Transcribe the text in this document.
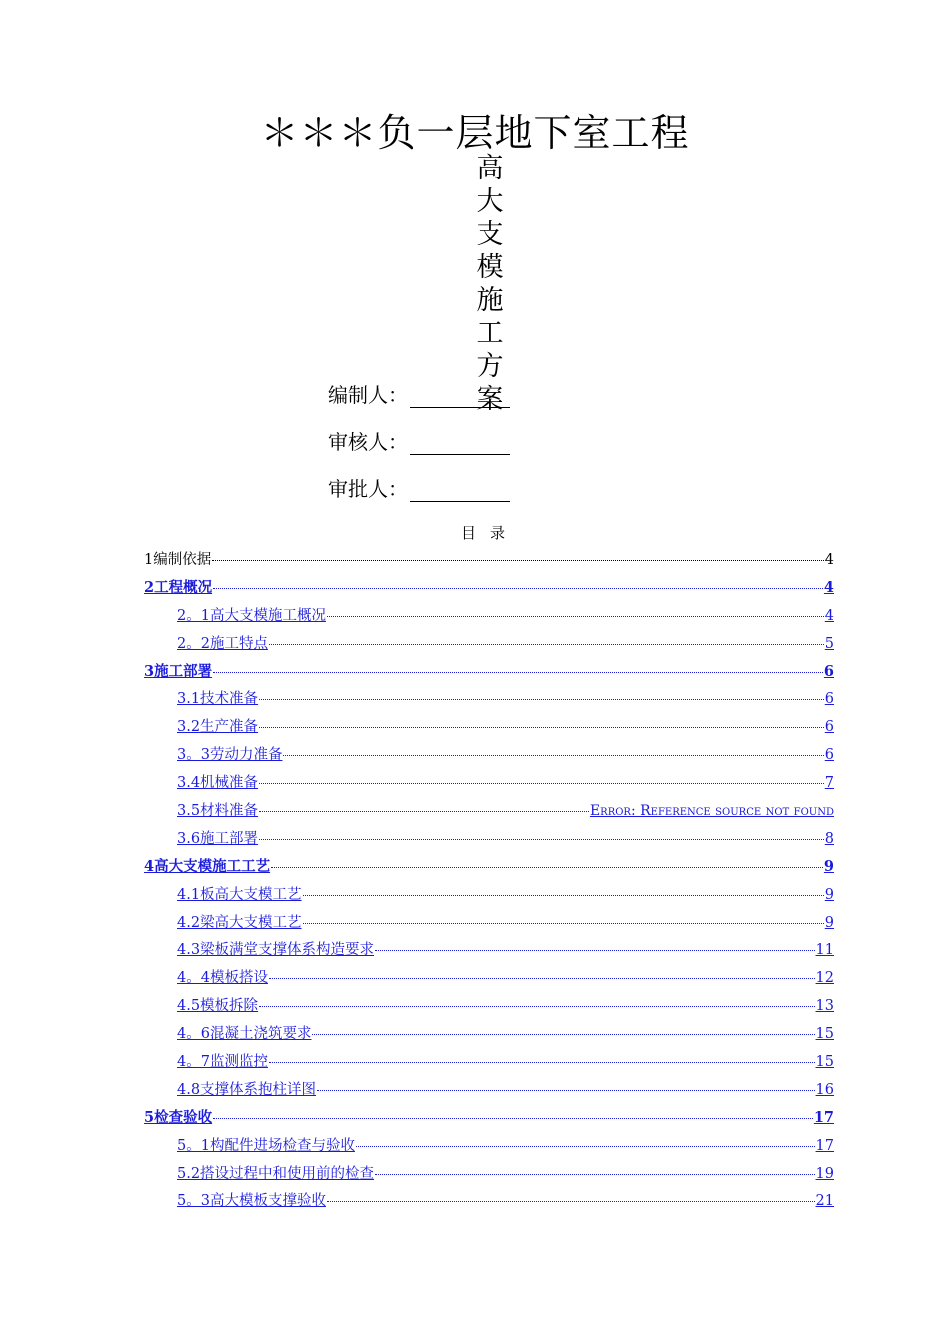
＊＊＊负一层地下室工程
高
大
支
模
施
工
方
案
编制人：
审核人：
审批人：
目录
1编制依据	4
2工程概况	4
2。1高大支模施工概况	4
2。2施工特点	5
3施工部署	6
3.1技术准备	6
3.2生产准备	6
3。3劳动力准备	6
3.4机械准备	7
3.5材料准备	Error: Reference source not found
3.6施工部署	8
4高大支模施工工艺	9
4.1板高大支模工艺	9
4.2梁高大支模工艺	9
4.3梁板满堂支撑体系构造要求	11
4。4模板搭设	12
4.5模板拆除	13
4。6混凝土浇筑要求	15
4。7监测监控	15
4.8支撑体系抱柱详图	16
5检查验收	17
5。1构配件进场检查与验收	17
5.2搭设过程中和使用前的检查	19
5。3高大模板支撑验收	21
